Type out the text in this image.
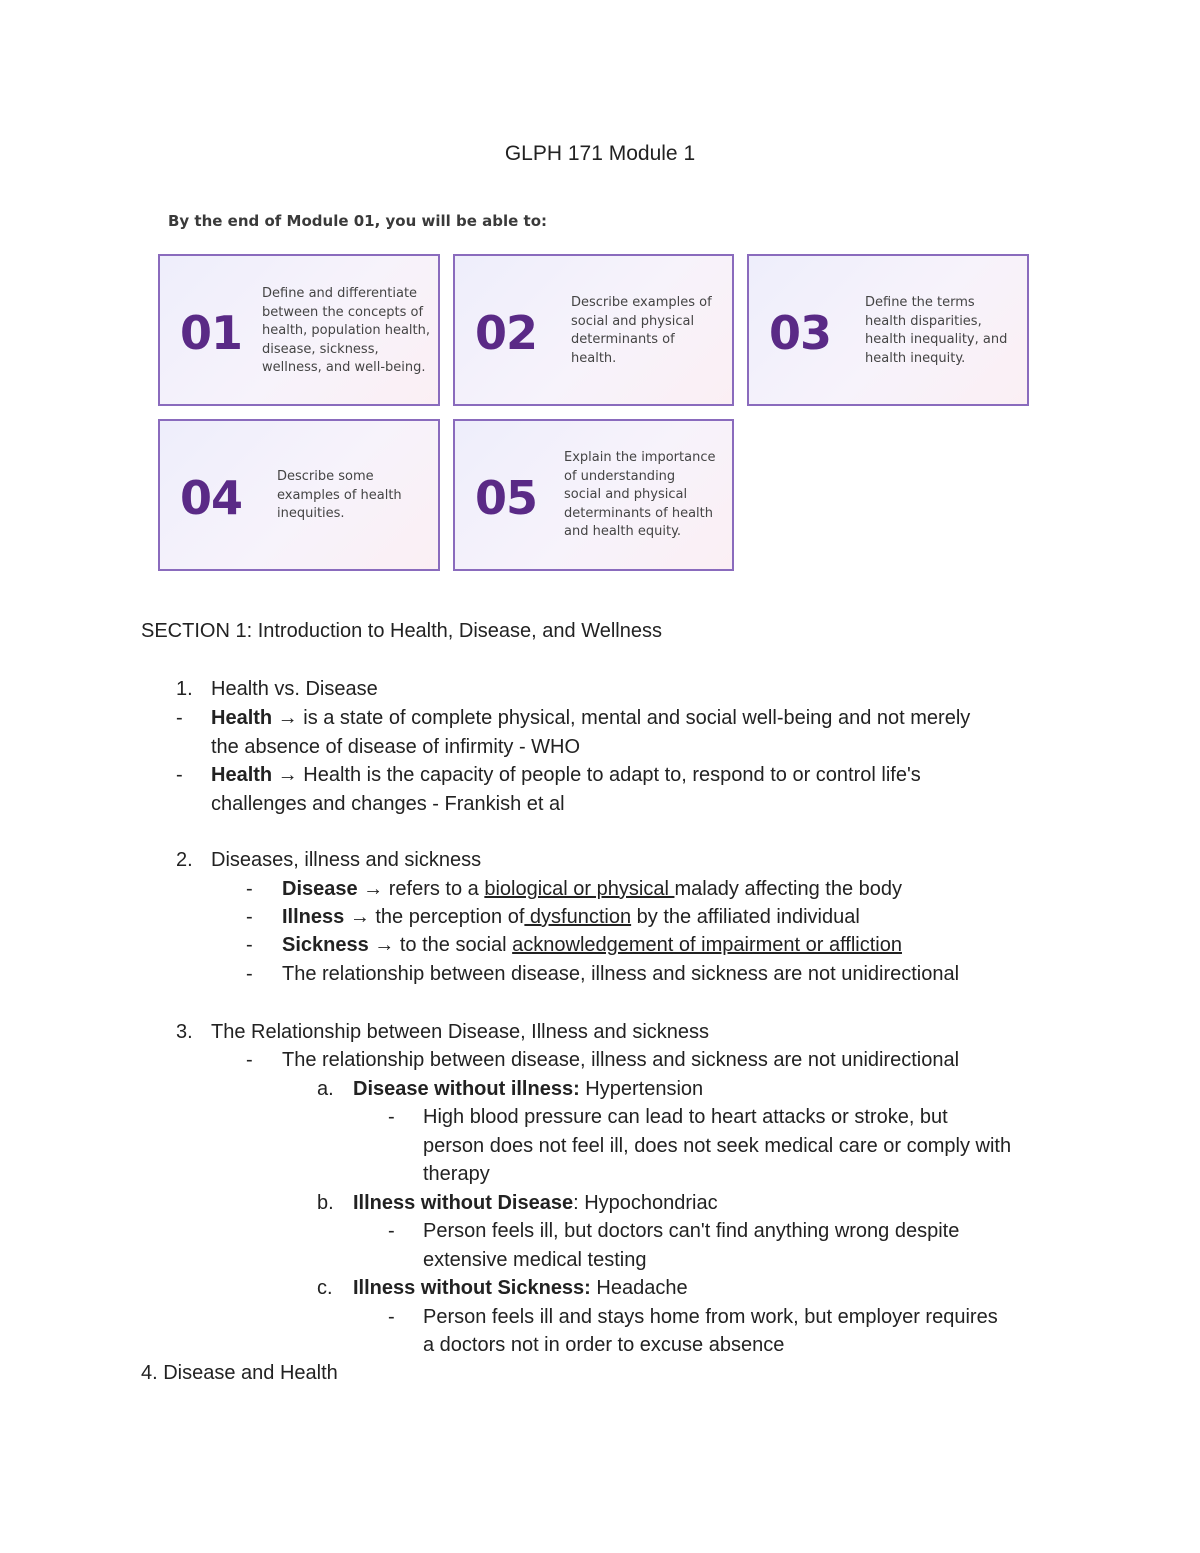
GLPH 171 Module 1
By the end of Module 01, you will be able to:
01
Define and differentiate
between the concepts of
health, population health,
disease, sickness,
wellness, and well-being.
02
Describe examples of
social and physical
determinants of
health.	03
Define the terms
health disparities,
health inequality, and
health inequity.
04	Describe some
examples of health
inequities.	05
Explain the importance
of understanding
social and physical
determinants of health
and health equity.
SECTION 1: Introduction to Health, Disease, and Wellness
1. Health vs. Disease
- Health → is a state of complete physical, mental and social well-being and not merely
the absence of disease of infirmity - WHO
- Health → Health is the capacity of people to adapt to, respond to or control life's
challenges and changes - Frankish et al
2. Diseases, illness and sickness
- Disease → refers to a biological or physical malady affecting the body
- Illness → the perception of dysfunction by the affiliated individual
- Sickness → to the social acknowledgement of impairment or affliction
- The relationship between disease, illness and sickness are not unidirectional
3. The Relationship between Disease, Illness and sickness
- The relationship between disease, illness and sickness are not unidirectional
a. Disease without illness: Hypertension
- High blood pressure can lead to heart attacks or stroke, but
person does not feel ill, does not seek medical care or comply with
therapy
b. Illness without Disease: Hypochondriac
- Person feels ill, but doctors can't find anything wrong despite
extensive medical testing
c. Illness without Sickness: Headache
- Person feels ill and stays home from work, but employer requires
a doctors not in order to excuse absence
4. Disease and Health
